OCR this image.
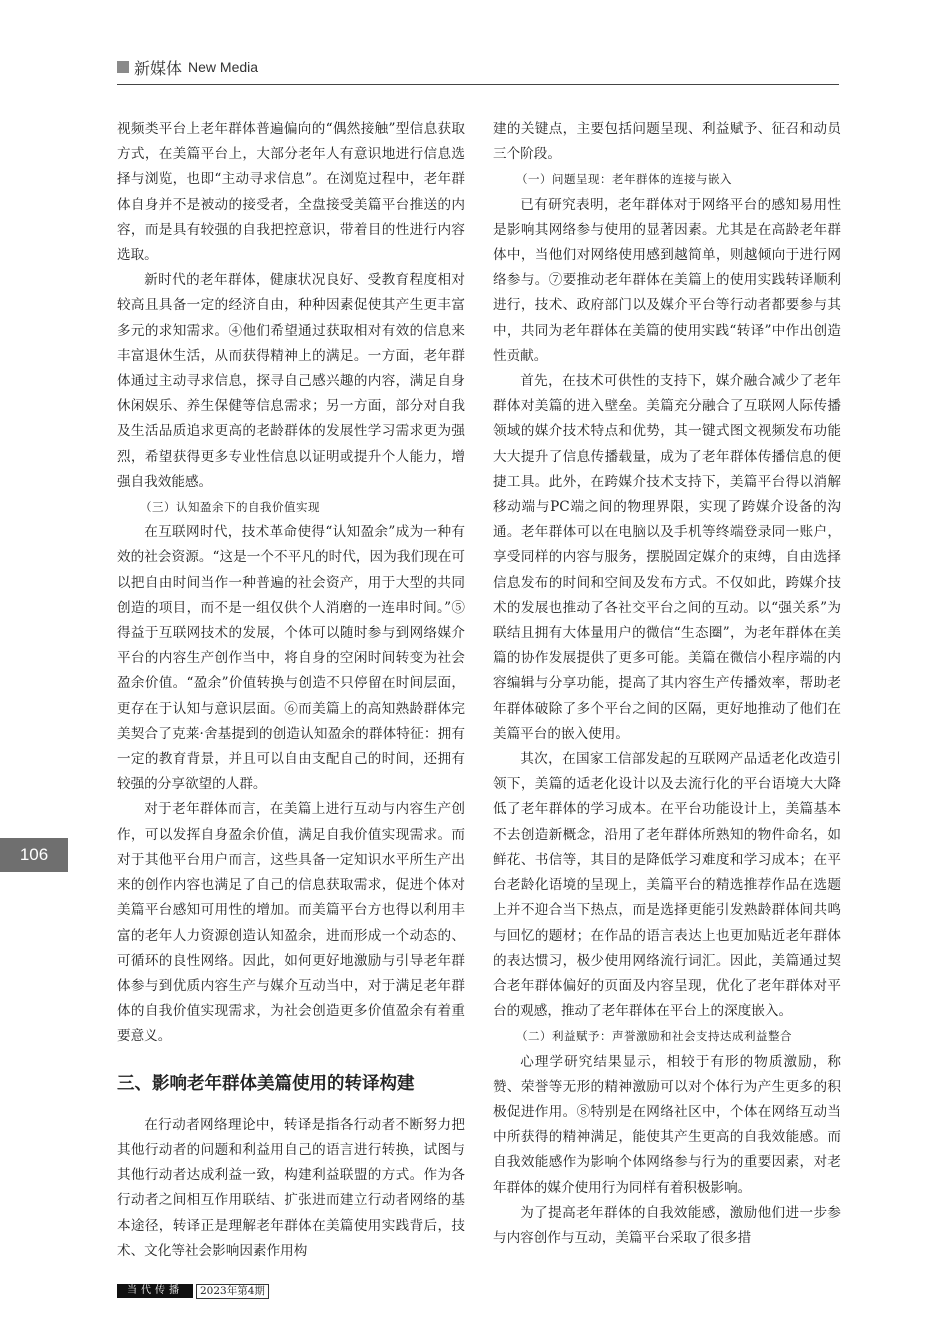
新媒体 New Media

视频类平台上老年群体普遍偏向的“偶然接触”型信息获取方式，在美篇平台上，大部分老年人有意识地进行信息选择与浏览，也即“主动寻求信息”。在浏览过程中，老年群体自身并不是被动的接受者，全盘接受美篇平台推送的内容，而是具有较强的自我把控意识，带着目的性进行内容选取。

新时代的老年群体，健康状况良好、受教育程度相对较高且具备一定的经济自由，种种因素促使其产生更丰富多元的求知需求。④他们希望通过获取相对有效的信息来丰富退休生活，从而获得精神上的满足。一方面，老年群体通过主动寻求信息，探寻自己感兴趣的内容，满足自身休闲娱乐、养生保健等信息需求；另一方面，部分对自我及生活品质追求更高的老龄群体的发展性学习需求更为强烈，希望获得更多专业性信息以证明或提升个人能力，增强自我效能感。

（三）认知盈余下的自我价值实现

在互联网时代，技术革命使得“认知盈余”成为一种有效的社会资源。“这是一个不平凡的时代，因为我们现在可以把自由时间当作一种普遍的社会资产，用于大型的共同创造的项目，而不是一组仅供个人消磨的一连串时间。”⑤得益于互联网技术的发展，个体可以随时参与到网络媒介平台的内容生产创作当中，将自身的空闲时间转变为社会盈余价值。“盈余”价值转换与创造不只停留在时间层面，更存在于认知与意识层面。⑥而美篇上的高知熟龄群体完美契合了克莱·舍基提到的创造认知盈余的群体特征：拥有一定的教育背景，并且可以自由支配自己的时间，还拥有较强的分享欲望的人群。

对于老年群体而言，在美篇上进行互动与内容生产创作，可以发挥自身盈余价值，满足自我价值实现需求。而对于其他平台用户而言，这些具备一定知识水平所生产出来的创作内容也满足了自己的信息获取需求，促进个体对美篇平台感知可用性的增加。而美篇平台方也得以利用丰富的老年人力资源创造认知盈余，进而形成一个动态的、可循环的良性网络。因此，如何更好地激励与引导老年群体参与到优质内容生产与媒介互动当中，对于满足老年群体的自我价值实现需求，为社会创造更多价值盈余有着重要意义。

三、影响老年群体美篇使用的转译构建

在行动者网络理论中，转译是指各行动者不断努力把其他行动者的问题和利益用自己的语言进行转换，试图与其他行动者达成利益一致，构建利益联盟的方式。作为各行动者之间相互作用联结、扩张进而建立行动者网络的基本途径，转译正是理解老年群体在美篇使用实践背后，技术、文化等社会影响因素作用构

建的关键点，主要包括问题呈现、利益赋予、征召和动员三个阶段。

（一）问题呈现：老年群体的连接与嵌入

已有研究表明，老年群体对于网络平台的感知易用性是影响其网络参与使用的显著因素。尤其是在高龄老年群体中，当他们对网络使用感到越简单，则越倾向于进行网络参与。⑦要推动老年群体在美篇上的使用实践转译顺利进行，技术、政府部门以及媒介平台等行动者都要参与其中，共同为老年群体在美篇的使用实践“转译”中作出创造性贡献。

首先，在技术可供性的支持下，媒介融合减少了老年群体对美篇的进入壁垒。美篇充分融合了互联网人际传播领域的媒介技术特点和优势，其一键式图文视频发布功能大大提升了信息传播载量，成为了老年群体传播信息的便捷工具。此外，在跨媒介技术支持下，美篇平台得以消解移动端与PC端之间的物理界限，实现了跨媒介设备的沟通。老年群体可以在电脑以及手机等终端登录同一账户，享受同样的内容与服务，摆脱固定媒介的束缚，自由选择信息发布的时间和空间及发布方式。不仅如此，跨媒介技术的发展也推动了各社交平台之间的互动。以“强关系”为联结且拥有大体量用户的微信“生态圈”，为老年群体在美篇的协作发展提供了更多可能。美篇在微信小程序端的内容编辑与分享功能，提高了其内容生产传播效率，帮助老年群体破除了多个平台之间的区隔，更好地推动了他们在美篇平台的嵌入使用。

其次，在国家工信部发起的互联网产品适老化改造引领下，美篇的适老化设计以及去流行化的平台语境大大降低了老年群体的学习成本。在平台功能设计上，美篇基本不去创造新概念，沿用了老年群体所熟知的物件命名，如鲜花、书信等，其目的是降低学习难度和学习成本；在平台老龄化语境的呈现上，美篇平台的精选推荐作品在选题上并不迎合当下热点，而是选择更能引发熟龄群体间共鸣与回忆的题材；在作品的语言表达上也更加贴近老年群体的表达惯习，极少使用网络流行词汇。因此，美篇通过契合老年群体偏好的页面及内容呈现，优化了老年群体对平台的观感，推动了老年群体在平台上的深度嵌入。

（二）利益赋予：声誉激励和社会支持达成利益整合

心理学研究结果显示，相较于有形的物质激励，称赞、荣誉等无形的精神激励可以对个体行为产生更多的积极促进作用。⑧特别是在网络社区中，个体在网络互动当中所获得的精神满足，能使其产生更高的自我效能感。而自我效能感作为影响个体网络参与行为的重要因素，对老年群体的媒介使用行为同样有着积极影响。

为了提高老年群体的自我效能感，激励他们进一步参与内容创作与互动，美篇平台采取了很多措

106
当代传播	2023年第4期
